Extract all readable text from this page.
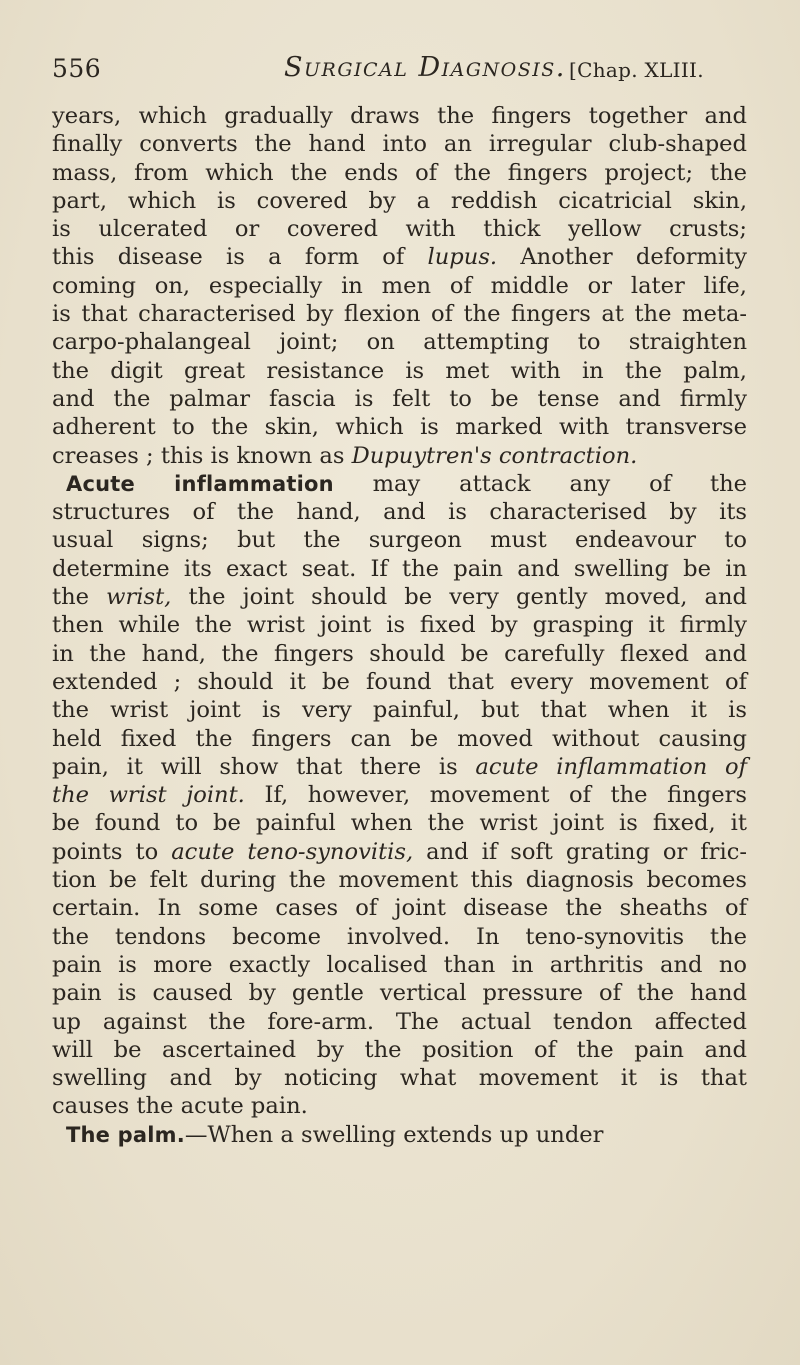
556	Surgical Diagnosis. [Chap. XLIII.
years, which gradually draws the fingers together and
finally converts the hand into an irregular club-shaped
mass, from which the ends of the fingers project; the
part, which is covered by a reddish cicatricial skin,
is ulcerated or covered with thick yellow crusts;
this disease is a form of lupus. Another deformity
coming on, especially in men of middle or later life,
is that characterised by flexion of the fingers at the meta-
carpo-phalangeal joint; on attempting to straighten
the digit great resistance is met with in the palm,
and the palmar fascia is felt to be tense and firmly
adherent to the skin, which is marked with transverse
creases ; this is known as Dupuytren's contraction.
Acute inflammation may attack any of the
structures of the hand, and is characterised by its
usual signs; but the surgeon must endeavour to
determine its exact seat. If the pain and swelling be in
the wrist, the joint should be very gently moved, and
then while the wrist joint is fixed by grasping it firmly
in the hand, the fingers should be carefully flexed and
extended ; should it be found that every movement of
the wrist joint is very painful, but that when it is
held fixed the fingers can be moved without causing
pain, it will show that there is acute inflammation of
the wrist joint. If, however, movement of the fingers
be found to be painful when the wrist joint is fixed, it
points to acute teno-synovitis, and if soft grating or fric-
tion be felt during the movement this diagnosis becomes
certain. In some cases of joint disease the sheaths of
the tendons become involved. In teno-synovitis the
pain is more exactly localised than in arthritis and no
pain is caused by gentle vertical pressure of the hand
up against the fore-arm. The actual tendon affected
will be ascertained by the position of the pain and
swelling and by noticing what movement it is that
causes the acute pain.
The palm.—When a swelling extends up under
